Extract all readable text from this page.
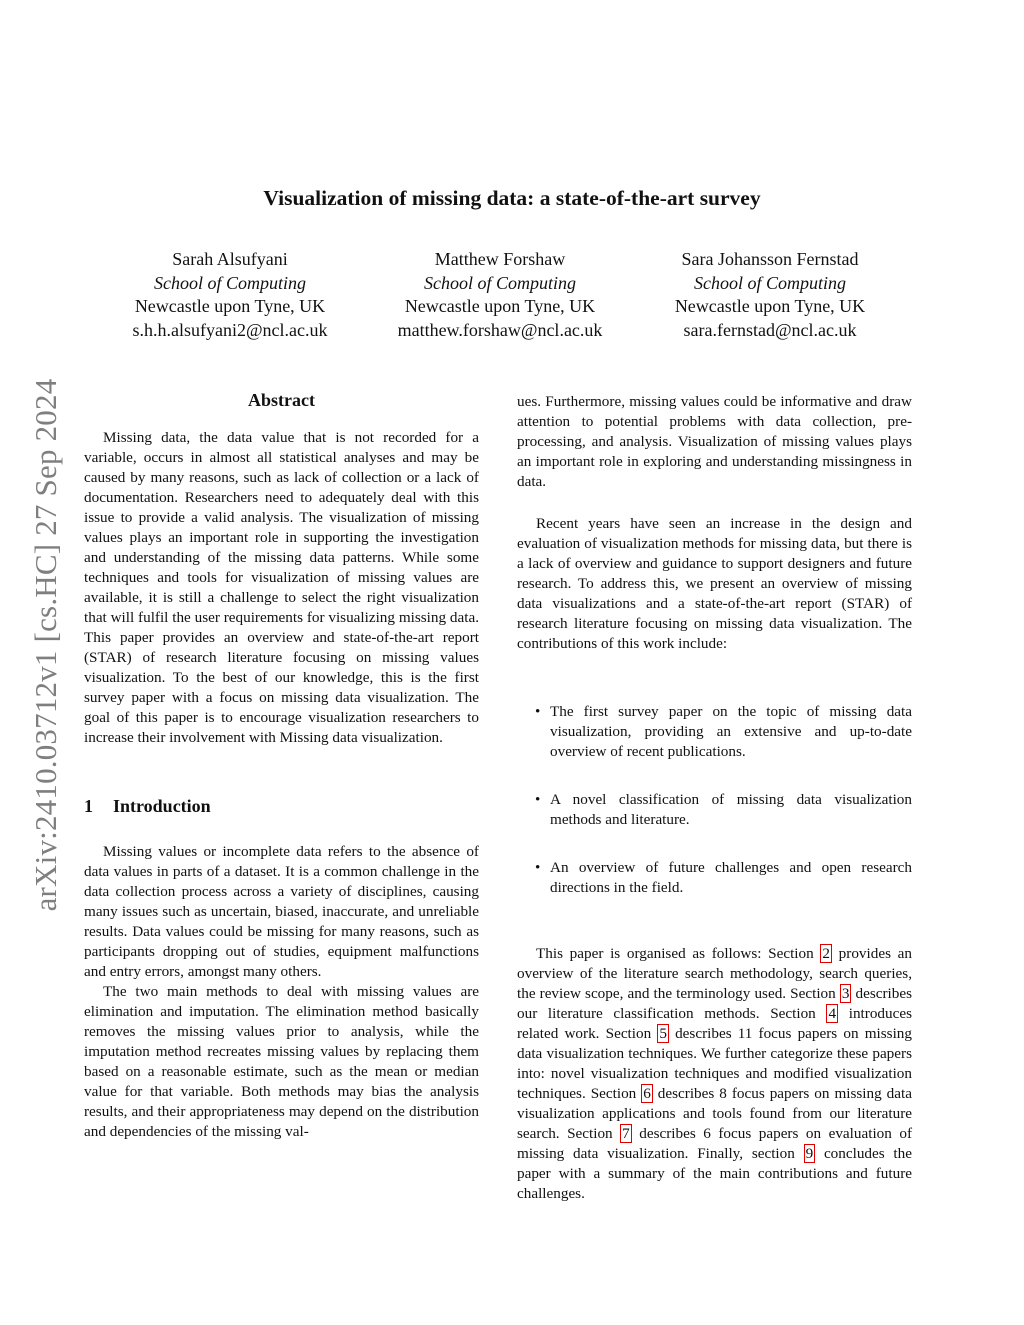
arXiv:2410.03712v1 [cs.HC] 27 Sep 2024
Visualization of missing data: a state-of-the-art survey
Sarah Alsufyani
School of Computing
Newcastle upon Tyne, UK
s.h.h.alsufyani2@ncl.ac.uk
Matthew Forshaw
School of Computing
Newcastle upon Tyne, UK
matthew.forshaw@ncl.ac.uk
Sara Johansson Fernstad
School of Computing
Newcastle upon Tyne, UK
sara.fernstad@ncl.ac.uk
Abstract

Missing data, the data value that is not recorded for a variable, occurs in almost all statistical analyses and may be caused by many reasons, such as lack of collection or a lack of documentation. Researchers need to adequately deal with this issue to provide a valid analysis. The visualization of missing values plays an important role in supporting the investigation and understanding of the missing data patterns. While some techniques and tools for visualization of missing values are available, it is still a challenge to select the right visualization that will fulfil the user requirements for visualizing missing data. This paper provides an overview and state-of-the-art report (STAR) of research literature focusing on missing values visualization. To the best of our knowledge, this is the first survey paper with a focus on missing data visualization. The goal of this paper is to encourage visualization researchers to increase their involvement with Missing data visualization.

1 Introduction

Missing values or incomplete data refers to the absence of data values in parts of a dataset. It is a common challenge in the data collection process across a variety of disciplines, causing many issues such as uncertain, biased, inaccurate, and unreliable results. Data values could be missing for many reasons, such as participants dropping out of studies, equipment malfunctions and entry errors, amongst many others.

The two main methods to deal with missing values are elimination and imputation. The elimination method basically removes the missing values prior to analysis, while the imputation method recreates missing values by replacing them based on a reasonable estimate, such as the mean or median value for that variable. Both methods may bias the analysis results, and their appropriateness may depend on the distribution and dependencies of the missing val-

ues. Furthermore, missing values could be informative and draw attention to potential problems with data collection, pre-processing, and analysis. Visualization of missing values plays an important role in exploring and understanding missingness in data.

Recent years have seen an increase in the design and evaluation of visualization methods for missing data, but there is a lack of overview and guidance to support designers and future research. To address this, we present an overview of missing data visualizations and a state-of-the-art report (STAR) of research literature focusing on missing data visualization. The contributions of this work include:

• The first survey paper on the topic of missing data visualization, providing an extensive and up-to-date overview of recent publications.
• A novel classification of missing data visualization methods and literature.
• An overview of future challenges and open research directions in the field.

This paper is organised as follows: Section 2 provides an overview of the literature search methodology, search queries, the review scope, and the terminology used. Section 3 describes our literature classification methods. Section 4 introduces related work. Section 5 describes 11 focus papers on missing data visualization techniques. We further categorize these papers into: novel visualization techniques and modified visualization techniques. Section 6 describes 8 focus papers on missing data visualization applications and tools found from our literature search. Section 7 describes 6 focus papers on evaluation of missing data visualization. Finally, section 9 concludes the paper with a summary of the main contributions and future challenges.
